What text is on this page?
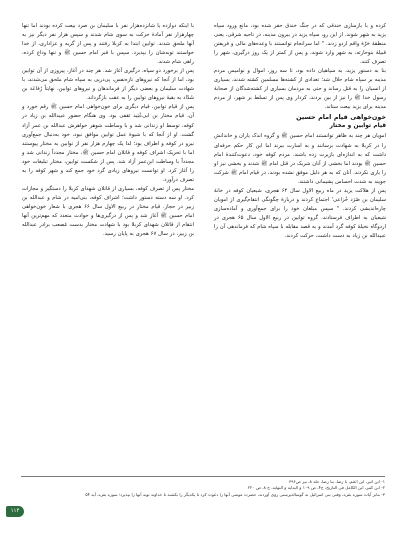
کرده و با بازسازی خندقی که در جنگ خندق حفر شده بود، مانع ورود سپاه یزید به شهر شوند. از این رو، سپاه یزید در بیرون مدینه، در ناحیه شرقی، یعنی منطقهٔ حَرّهٔ واقم اردو زدند. " اما سرانجام توانستند با وعده‌های مالی و فریفتن قبیلهٔ بنوحارثه، به شهر وارد شوند، و پس از کمتر از یک روز درگیری، شهر را تصرف کنند.

بنا به دستور یزید، به سپاهیان داده بود، تا سه روز، اموال و نوامیس مردم مدینه بر سپاه شام حلال شد؛ تعدادی از کشته‌ها مسلمین کشته شدند، بسیاری از انسیان را به قتل رساند و حتی به مردمان بسیاری از کشته‌شدگان از صحابهٔ رسول خدا ﷺ را نیز از بین بردند، کردار وی پس از تسلط بر شهر، از مردم مدینه برای یزید بیعت ستاند.

خون‌خواهی قیام امام حسین
قیام توابین و مختار

امویان هر چند به ظاهر توانستند امام حسین ﷺ و گروه اندک یاران و خاندانش را در کربلا به شهادت برسانند و به اسارت ببرند اما این کار حکم حرفه‌ای داشت که به اندازه‌ای بازیرت زده باشند. مردم کوفه خود، دعوت‌کنندهٔ امام حسین ﷺ بودند اما بخشی از آنان شریک در قتل امام ﷺ شدند و بخشی نیز او را یاری نکردند. آنان که به هر دلیل موفق نشده بودند، در قیام امام ﷺ شرکت جویند به شدت احساس پشیمانی داشتند.

پس از هلاکت یزید در ماه ربیع الاول سال ۶۴ هجری، شیعیان کوفه در خانهٔ سلیمان بن صُرَد خُزاعی' اجتماع کردند و دربارهٔ چگونگی انتقام‌گیری از امویان چاره‌اندیشی کردند. " سپس مبلغان خود را برای جمع‌آوری و آماده‌سازی شیعیان به اطراف فرستادند. گروه توابین در ربیع الاول سال ۶۵ هجری در اردوگاه نخیلهٔ کوفه گرد آمدند و به قصد مقابله با سپاه شام که فرماندهی آن را عبیدالله بن زیاد به دست داشت، حرکت کردند.

با اینکه دوازده یا شانزده‌هزار نفر با سلیمان بن صرد بیعت کرده بودند اما تنها چهارهزار نفر آمادهٔ حرکت به سوی شام شدند و سپس هزار نفر دیگر نیز به آنها ملحق شدند. توابین ابتدا به کربلا رفتند و پس از گریه و عزاداری، از خدا خواستند توبه‌شان را بپذیرد. سپس با قبر امام حسین ﷺ و تنها وداع کرده، راهی شام شدند.

پس از برخورد دو سپاه، درگیری آغاز شد. هر چند در آغاز، پیروزی از آن توابین بود، اما از آنجا که نیروهای نازه‌نفس، پی‌درپی به سپاه شام ملحق می‌شدند، با شهادت سلیمان و بعضی دیگر از فرماندهان و نیروهای توابین، نهایتاً رُفاعَة بن شَدّاد به بقیهٔ نیروهای توابین را به عقب بازگرداند.

پس از قیام توابین، قیام دیگری برای خون‌خواهی امام حسین ﷺ رقم خورد و آن، قیام مختار بن ابی‌عُبَید ثقفی بود. وی هنگام حضور عبیدالله بن زیاد در کوفه، توسط او زندانی شد و با وساطت شوهر خواهرش عبدالله بن عمر آزاد گشت. او از آنجا که با شیوهٔ عمل توابین موافق نبود، خود به‌دنبال جمع‌آوری نیرو در کوفه و اطراف بود؛ لذا یک چهارم هزار نفر از توابین به مختار پیوستند اما با تحریک اشراف کوفه و قاتلان امام حسین ﷺ، مختار مجدداً زندانی شد و مجدداً با وساطت ابن‌عمر آزاد شد. پس از شکست توابین، مختار تبلیغات خود را آغاز کرد. او توانست نیروهای زیادی گرد خود جمع کند و شهر کوفه را به تصرف درآورد.

مختار پس از تصرف کوفه، بسیاری از قاتلان شهدای کربلا را دستگیر و مجازات کرد. او سه دسته دستور داشت؛ اشراف کوفه، بنی‌امیه در شام و عبدالله بن زبیر در حجاز. قیام مختار در ربیع الاول سال ۶۶ هجری با شعار خون‌خواهی امام حسین ﷺ آغاز شد و پس از درگیری‌ها و حوادث متعدد که مهم‌ترین آنها انتقام از قاتلان شهدای کربلا بود با شهادت مختار بدست مُصعب برادر عبدالله بن زبیر، در سال ۶۷ هجری به پایان رسید.

۱- ابن اثیر، ابن اعثم، با رضا، بنا رضا، جلد ۸، نیز ص۳۹۶

۲- ابن کثیر، ابن الکامل فی التاریخ، ج۴، ص ۱۰۹ و البدایة و النهایه، ج ۸، ص ۲۲۰

۳- بنابر آیات سوره بقره، وقتی بنی اسرائیل به گوساله‌پرستی روی آوردند، حضرت موسی آنها را دعوت کرد تا یکدیگر را بکشند تا خداوند توبه آنها را بپذیرد؛ سوره بقره، آیه ۵۴

۱۱۴
